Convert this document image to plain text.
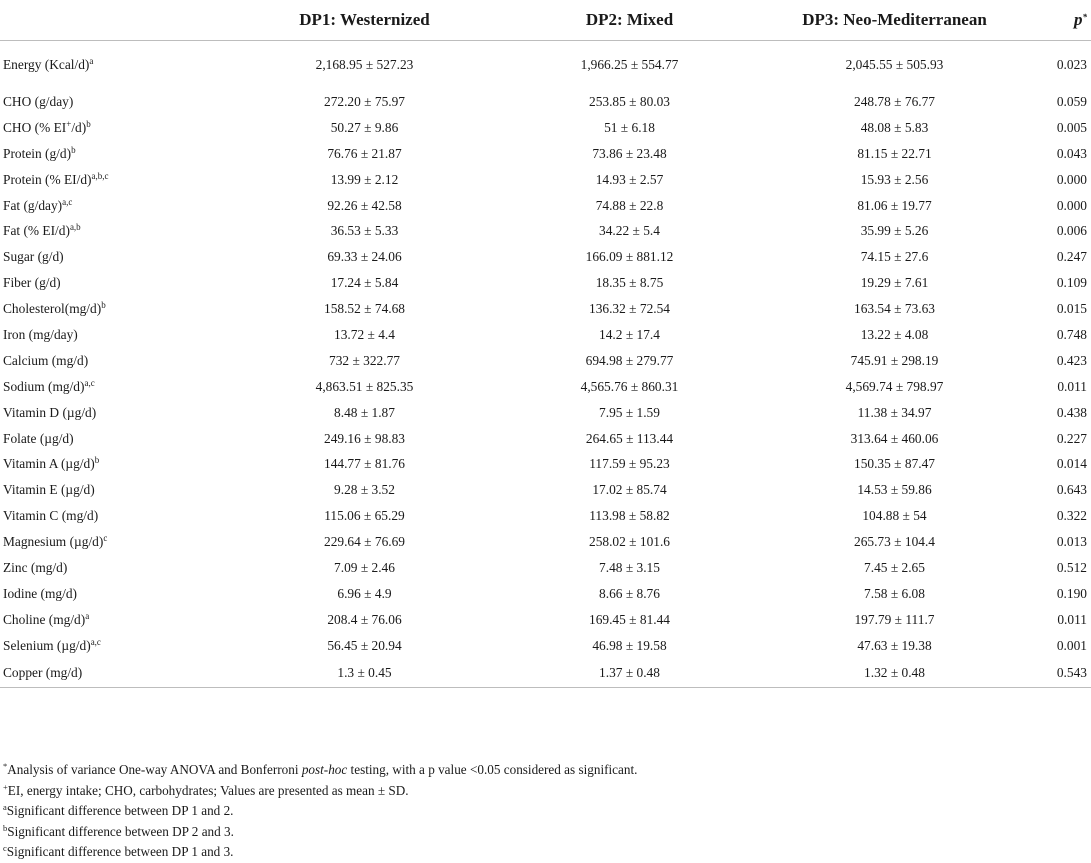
	DP1: Westernized	DP2: Mixed	DP3: Neo-Mediterranean	p*
Energy (Kcal/d)$^a$	2,168.95 ± 527.23	1,966.25 ± 554.77	2,045.55 ± 505.93	0.023
CHO (g/day)	272.20 ± 75.97	253.85 ± 80.03	248.78 ± 76.77	0.059
CHO (% EI+/d)$^b$	50.27 ± 9.86	51 ± 6.18	48.08 ± 5.83	0.005
Protein $(g/d)^b$	76.76 ± 21.87	73.86 ± 23.48	81.15 ± 22.71	0.043
Protein (% EI/d)$^{a,b,c}$	13.99 ± 2.12	14.93 ± 2.57	15.93 ± 2.56	0.000
Fat $(g/day)^{a,c}$	92.26 ± 42.58	74.88 ± 22.8	81.06 ± 19.77	0.000
Fat (% EI/d)$^{a,b}$	36.53 ± 5.33	34.22 ± 5.4	35.99 ± 5.26	0.006
Sugar (g/d)	69.33 ± 24.06	166.09 ± 881.12	74.15 ± 27.6	0.247
Fiber (g/d)	17.24 ± 5.84	18.35 ± 8.75	19.29 ± 7.61	0.109
$Cholesterol(mg/d)^b$	158.52 ± 74.68	136.32 ± 72.54	163.54 ± 73.63	0.015
Iron (mg/day)	13.72 ± 4.4	14.2 ± 17.4	13.22 ± 4.08	0.748
Calcium (mg/d)	732 ± 322.77	694.98 ± 279.77	745.91 ± 298.19	0.423
Sodium $(mg/d)^{a,c}$	4,863.51 ± 825.35	4,565.76 ± 860.31	4,569.74 ± 798.97	0.011
Vitamin D (µg/d)	8.48 ± 1.87	7.95 ± 1.59	11.38 ± 34.97	0.438
Folate (µg/d)	249.16 ± 98.83	264.65 ± 113.44	313.64 ± 460.06	0.227
Vitamin A $(\mu g/d)^b$	144.77 ± 81.76	117.59 ± 95.23	150.35 ± 87.47	0.014
Vitamin E (µg/d)	9.28 ± 3.52	17.02 ± 85.74	14.53 ± 59.86	0.643
Vitamin C (mg/d)	115.06 ± 65.29	113.98 ± 58.82	104.88 ± 54	0.322
Magnesium $(\mu g/d)^c$	229.64 ± 76.69	258.02 ± 101.6	265.73 ± 104.4	0.013
Zinc (mg/d)	7.09 ± 2.46	7.48 ± 3.15	7.45 ± 2.65	0.512
Iodine (mg/d)	6.96 ± 4.9	8.66 ± 8.76	7.58 ± 6.08	0.190
Choline $(mg/d)^a$	208.4 ± 76.06	169.45 ± 81.44	197.79 ± 111.7	0.011
Selenium $(\mu g/d)^{a,c}$	56.45 ± 20.94	46.98 ± 19.58	47.63 ± 19.38	0.001
Copper (mg/d)	1.3 ± 0.45	1.37 ± 0.48	1.32 ± 0.48	0.543
*Analysis of variance One-way ANOVA and Bonferroni post-hoc testing, with a p value <0.05 considered as significant.
+EI, energy intake; CHO, carbohydrates; Values are presented as mean ± SD.
$^a$Significant difference between DP 1 and 2.
$^b$Significant difference between DP 2 and 3.
$^c$Significant difference between DP 1 and 3.
